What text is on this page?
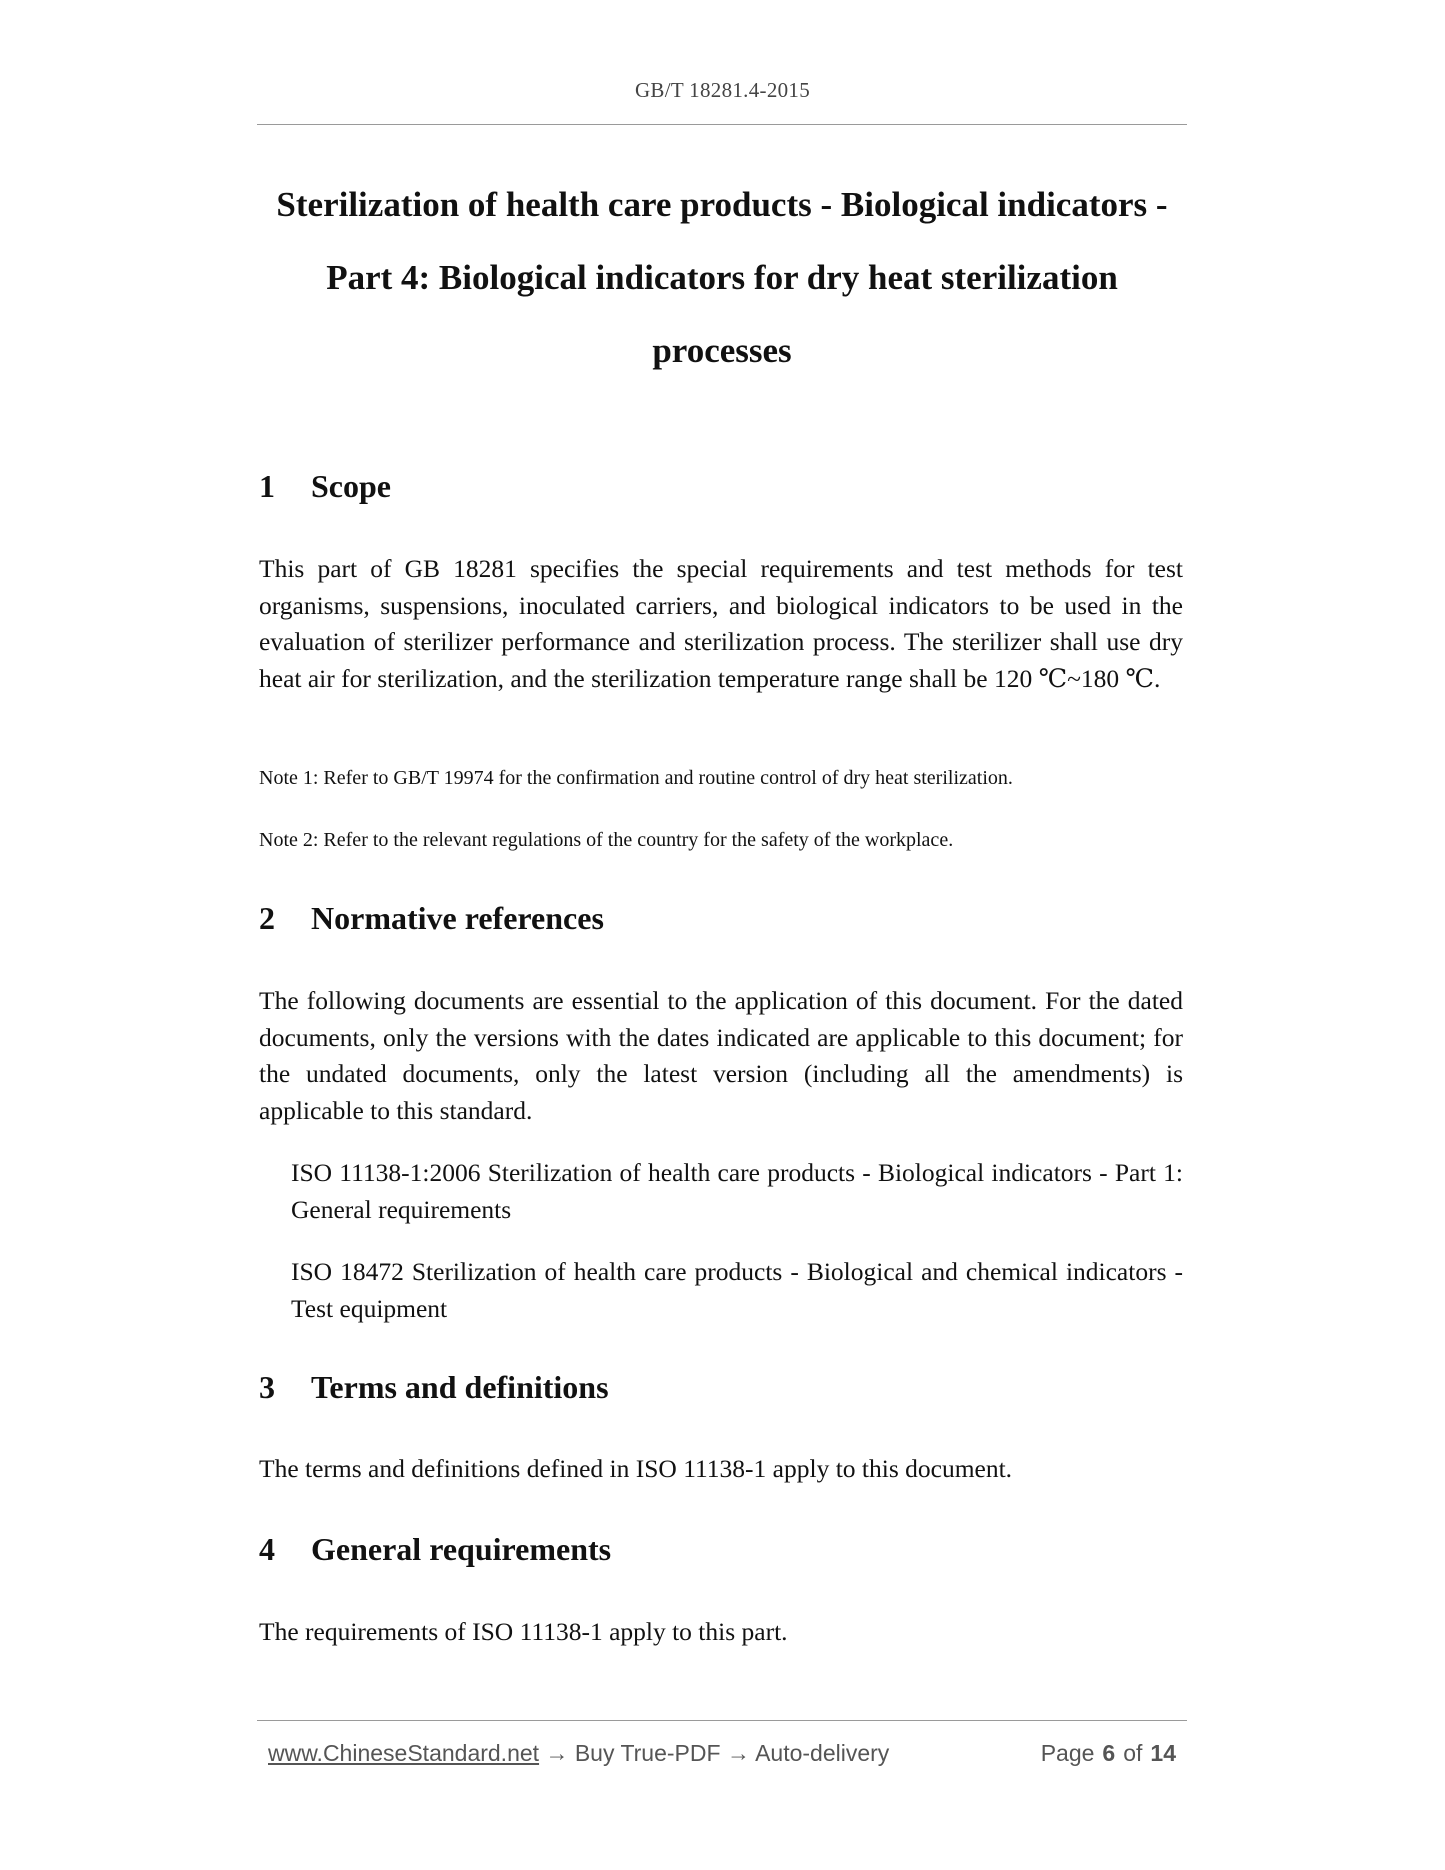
GB/T 18281.4-2015
Sterilization of health care products - Biological indicators -
Part 4: Biological indicators for dry heat sterilization
processes
1 Scope

This part of GB 18281 specifies the special requirements and test methods for test organisms, suspensions, inoculated carriers, and biological indicators to be used in the evaluation of sterilizer performance and sterilization process. The sterilizer shall use dry heat air for sterilization, and the sterilization temperature range shall be 120 ℃~180 ℃.

Note 1: Refer to GB/T 19974 for the confirmation and routine control of dry heat sterilization.

Note 2: Refer to the relevant regulations of the country for the safety of the workplace.

2 Normative references

The following documents are essential to the application of this document. For the dated documents, only the versions with the dates indicated are applicable to this document; for the undated documents, only the latest version (including all the amendments) is applicable to this standard.

ISO 11138-1:2006 Sterilization of health care products - Biological indicators - Part 1: General requirements

ISO 18472 Sterilization of health care products - Biological and chemical indicators - Test equipment

3 Terms and definitions

The terms and definitions defined in ISO 11138-1 apply to this document.

4 General requirements

The requirements of ISO 11138-1 apply to this part.

www.ChineseStandard.net → Buy True-PDF → Auto-delivery	Page 6 of 14
